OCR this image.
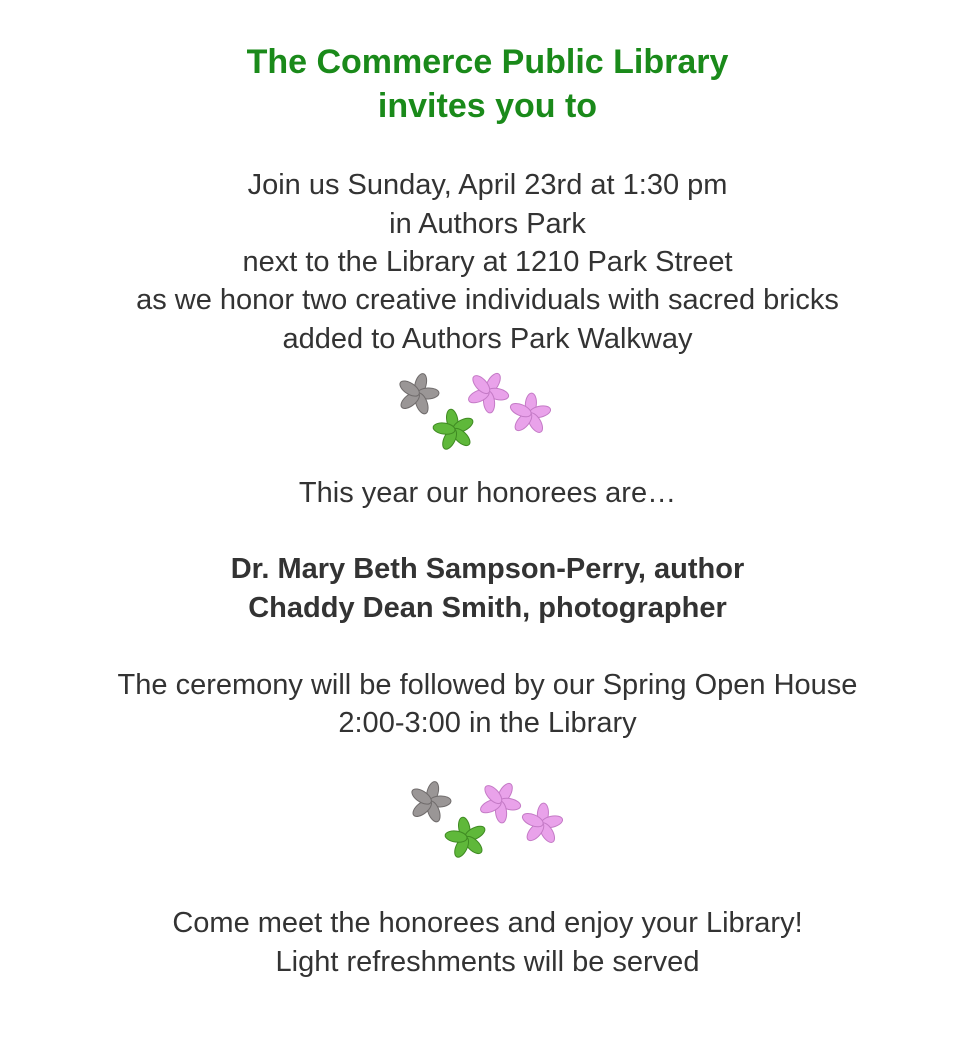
The Commerce Public Library
invites you to
Join us Sunday, April 23rd at 1:30 pm
in Authors Park
next to the Library at 1210 Park Street
as we honor two creative individuals with sacred bricks
added to Authors Park Walkway
This year our honorees are…
Dr. Mary Beth Sampson-Perry, author
Chaddy Dean Smith, photographer
The ceremony will be followed by our Spring Open House
2:00-3:00 in the Library
Come meet the honorees and enjoy your Library!
Light refreshments will be served
